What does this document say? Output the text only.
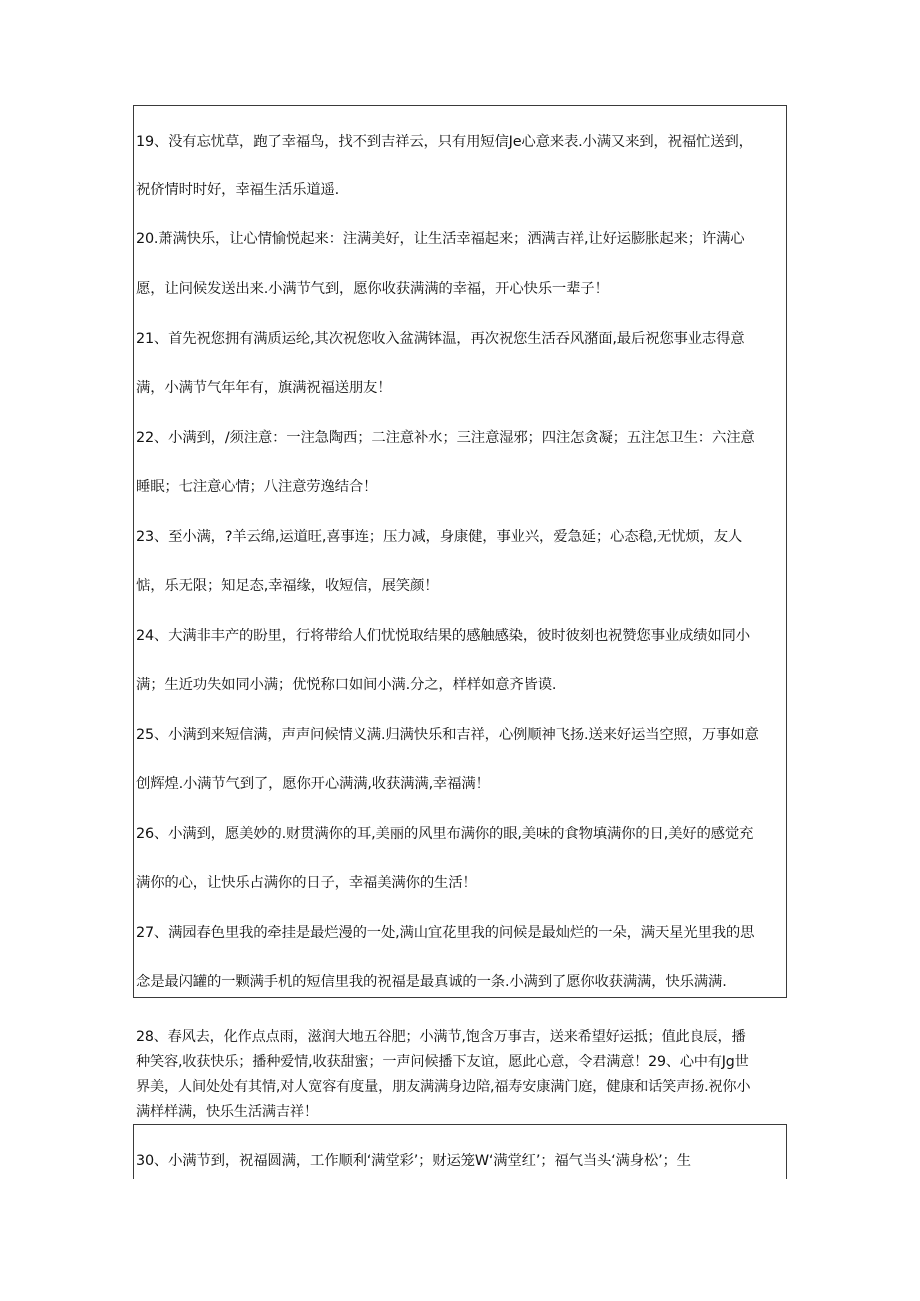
19、没有忘忧草，跑了幸福鸟，找不到吉祥云，只有用短信Je心意来表.小满又来到，祝福忙送到，
祝侪情时时好，幸福生活乐道遥.
20.萧满快乐，让心情愉悦起来：注满美好，让生活幸福起来；洒满吉祥,让好运膨胀起来；许满心
愿，让问候发送出来.小满节气到，愿你收获满满的幸福，开心快乐一辈子！
21、首先祝您拥有满质运纶,其次祝您收入盆满钵温，再次祝您生活吞风潴面,最后祝您事业志得意
满，小满节气年年有，旗满祝福送朋友！
22、小满到，/须注意：一注急陶西；二注意补水；三注意湿邪；四注怎贪凝；五注怎卫生：六注意
睡眠；七注意心情；八注意劳逸结合！
23、至小满，?羊云绵,运道旺,喜事连；压力减，身康健，事业兴，爱急延；心态稳,无忧烦，友人
惦，乐无限；知足态,幸福缘，收短信，展笑颜！
24、大满非丰产的盼里，行将带给人们忧悦取结果的感触感染，彼时彼刻也祝赞您事业成绩如同小
满；生近功失如同小满；优悦称口如间小满.分之，样样如意齐皆谟.
25、小满到来短信满，声声问候情义满.归满快乐和吉祥，心例顺神飞扬.送来好运当空照，万事如意
创辉煌.小满节气到了，愿你开心满满,收获满满,幸福满！
26、小满到，愿美妙的.财贯满你的耳,美丽的风里布满你的眼,美味的食物填满你的日,美好的感觉充
满你的心，让快乐占满你的日子，幸福美满你的生活！
27、满园春色里我的牵挂是最烂漫的一处,满山宜花里我的问候是最灿烂的一朵，满天星光里我的思
念是最闪罐的一颗满手机的短信里我的祝福是最真诚的一条.小满到了愿你收获满满，快乐满满.
28、春风去，化作点点雨，滋润大地五谷肥；小满节,饱含万事吉，送来希望好运抵；值此良辰，播
种笑容,收获快乐；播种爱情,收获甜蜜；一声问候播下友谊，愿此心意，令君满意！29、心中有Jg世
界美，人间处处有其情,对人宽容有度量，朋友满满身边陪,福寿安康满门庭，健康和话笑声扬.祝你小
满样样满，快乐生活满吉祥！
30、小满节到，祝福圆满，工作顺利‘满堂彩’；财运笼W‘满堂红’；福气当头‘满身松’；生
